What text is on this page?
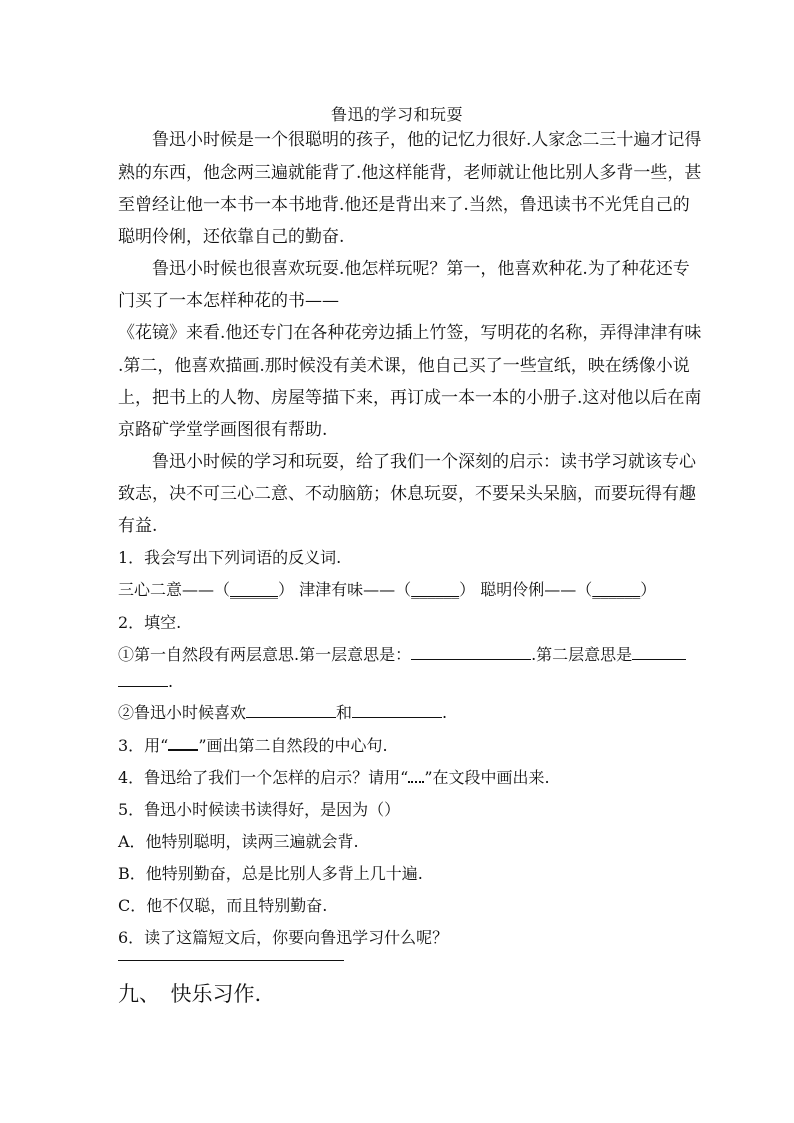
鲁迅的学习和玩耍
　　鲁迅小时候是一个很聪明的孩子，他的记忆力很好.人家念二三十遍才记得
熟的东西，他念两三遍就能背了.他这样能背，老师就让他比别人多背一些，甚
至曾经让他一本书一本书地背.他还是背出来了.当然，鲁迅读书不光凭自己的
聪明伶俐，还依靠自己的勤奋.
　　鲁迅小时候也很喜欢玩耍.他怎样玩呢？第一，他喜欢种花.为了种花还专
门买了一本怎样种花的书——
《花镜》来看.他还专门在各种花旁边插上竹签，写明花的名称，弄得津津有味
.第二，他喜欢描画.那时候没有美术课，他自己买了一些宣纸，映在绣像小说
上，把书上的人物、房屋等描下来，再订成一本一本的小册子.这对他以后在南
京路矿学堂学画图很有帮助.
　　鲁迅小时候的学习和玩耍，给了我们一个深刻的启示：读书学习就该专心
致志，决不可三心二意、不动脑筋；休息玩耍，不要呆头呆脑，而要玩得有趣
有益.
1．我会写出下列词语的反义词.
三心二意——（______） 津津有味——（______） 聪明伶俐——（______）
2．填空.
①第一自然段有两层意思.第一层意思是：	.第二层意思是
.
②鲁迅小时候喜欢	和	.
3．用“ ”画出第二自然段的中心句.
4．鲁迅给了我们一个怎样的启示？请用“ ”在文段中画出来.
5．鲁迅小时候读书读得好，是因为（）
A．他特别聪明，读两三遍就会背.
B．他特别勤奋，总是比别人多背上几十遍.
C．他不仅聪，而且特别勤奋.
6．读了这篇短文后，你要向鲁迅学习什么呢？
九、　快乐习作.
